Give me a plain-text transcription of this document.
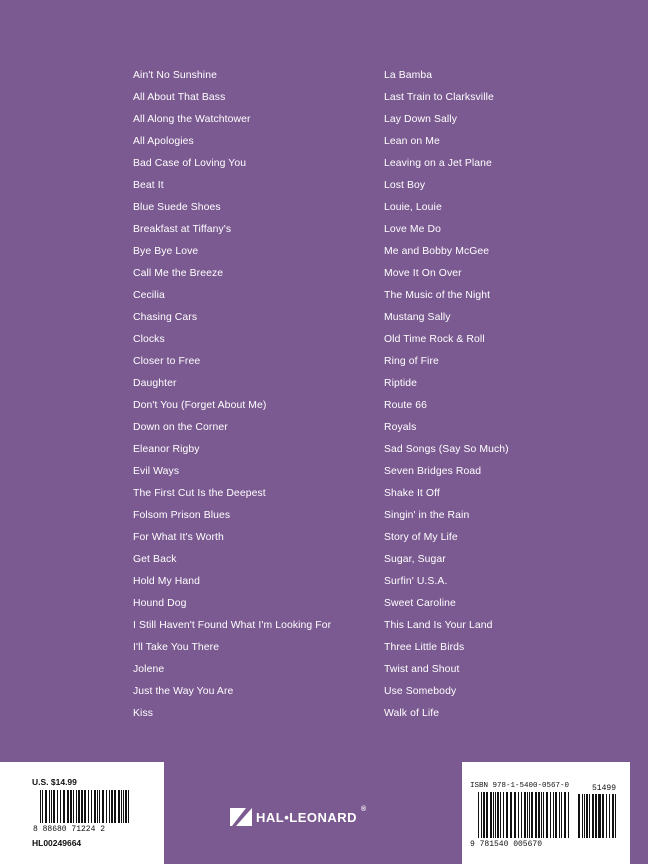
Ain't No Sunshine
All About That Bass
All Along the Watchtower
All Apologies
Bad Case of Loving You
Beat It
Blue Suede Shoes
Breakfast at Tiffany's
Bye Bye Love
Call Me the Breeze
Cecilia
Chasing Cars
Clocks
Closer to Free
Daughter
Don't You (Forget About Me)
Down on the Corner
Eleanor Rigby
Evil Ways
The First Cut Is the Deepest
Folsom Prison Blues
For What It's Worth
Get Back
Hold My Hand
Hound Dog
I Still Haven't Found What I'm Looking For
I'll Take You There
Jolene
Just the Way You Are
Kiss
La Bamba
Last Train to Clarksville
Lay Down Sally
Lean on Me
Leaving on a Jet Plane
Lost Boy
Louie, Louie
Love Me Do
Me and Bobby McGee
Move It On Over
The Music of the Night
Mustang Sally
Old Time Rock & Roll
Ring of Fire
Riptide
Route 66
Royals
Sad Songs (Say So Much)
Seven Bridges Road
Shake It Off
Singin' in the Rain
Story of My Life
Sugar, Sugar
Surfin' U.S.A.
Sweet Caroline
This Land Is Your Land
Three Little Birds
Twist and Shout
Use Somebody
Walk of Life
U.S. $14.99
8 88680 71224 2
HL00249664
HAL•LEONARD ®
ISBN 978-1-5400-0567-0	51499
9 781540 005670
